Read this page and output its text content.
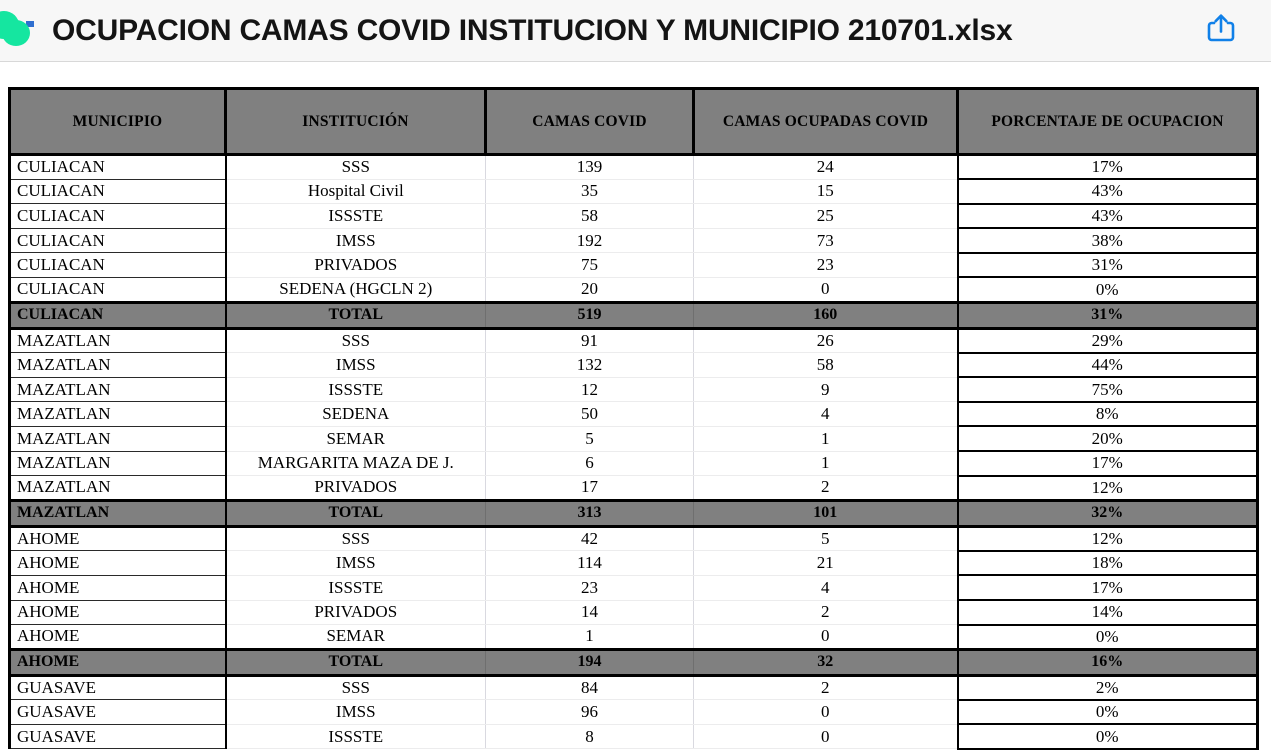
OCUPACION CAMAS COVID INSTITUCION Y MUNICIPIO 210701.xlsx
MUNICIPIO	INSTITUCIÓN	CAMAS COVID	CAMAS OCUPADAS COVID	PORCENTAJE DE OCUPACION
CULIACAN	SSS	139	24	17%
CULIACAN	Hospital Civil	35	15	43%
CULIACAN	ISSSTE	58	25	43%
CULIACAN	IMSS	192	73	38%
CULIACAN	PRIVADOS	75	23	31%
CULIACAN	SEDENA (HGCLN 2)	20	0	0%
CULIACAN	TOTAL	519	160	31%
MAZATLAN	SSS	91	26	29%
MAZATLAN	IMSS	132	58	44%
MAZATLAN	ISSSTE	12	9	75%
MAZATLAN	SEDENA	50	4	8%
MAZATLAN	SEMAR	5	1	20%
MAZATLAN	MARGARITA MAZA DE J.	6	1	17%
MAZATLAN	PRIVADOS	17	2	12%
MAZATLAN	TOTAL	313	101	32%
AHOME	SSS	42	5	12%
AHOME	IMSS	114	21	18%
AHOME	ISSSTE	23	4	17%
AHOME	PRIVADOS	14	2	14%
AHOME	SEMAR	1	0	0%
AHOME	TOTAL	194	32	16%
GUASAVE	SSS	84	2	2%
GUASAVE	IMSS	96	0	0%
GUASAVE	ISSSTE	8	0	0%
